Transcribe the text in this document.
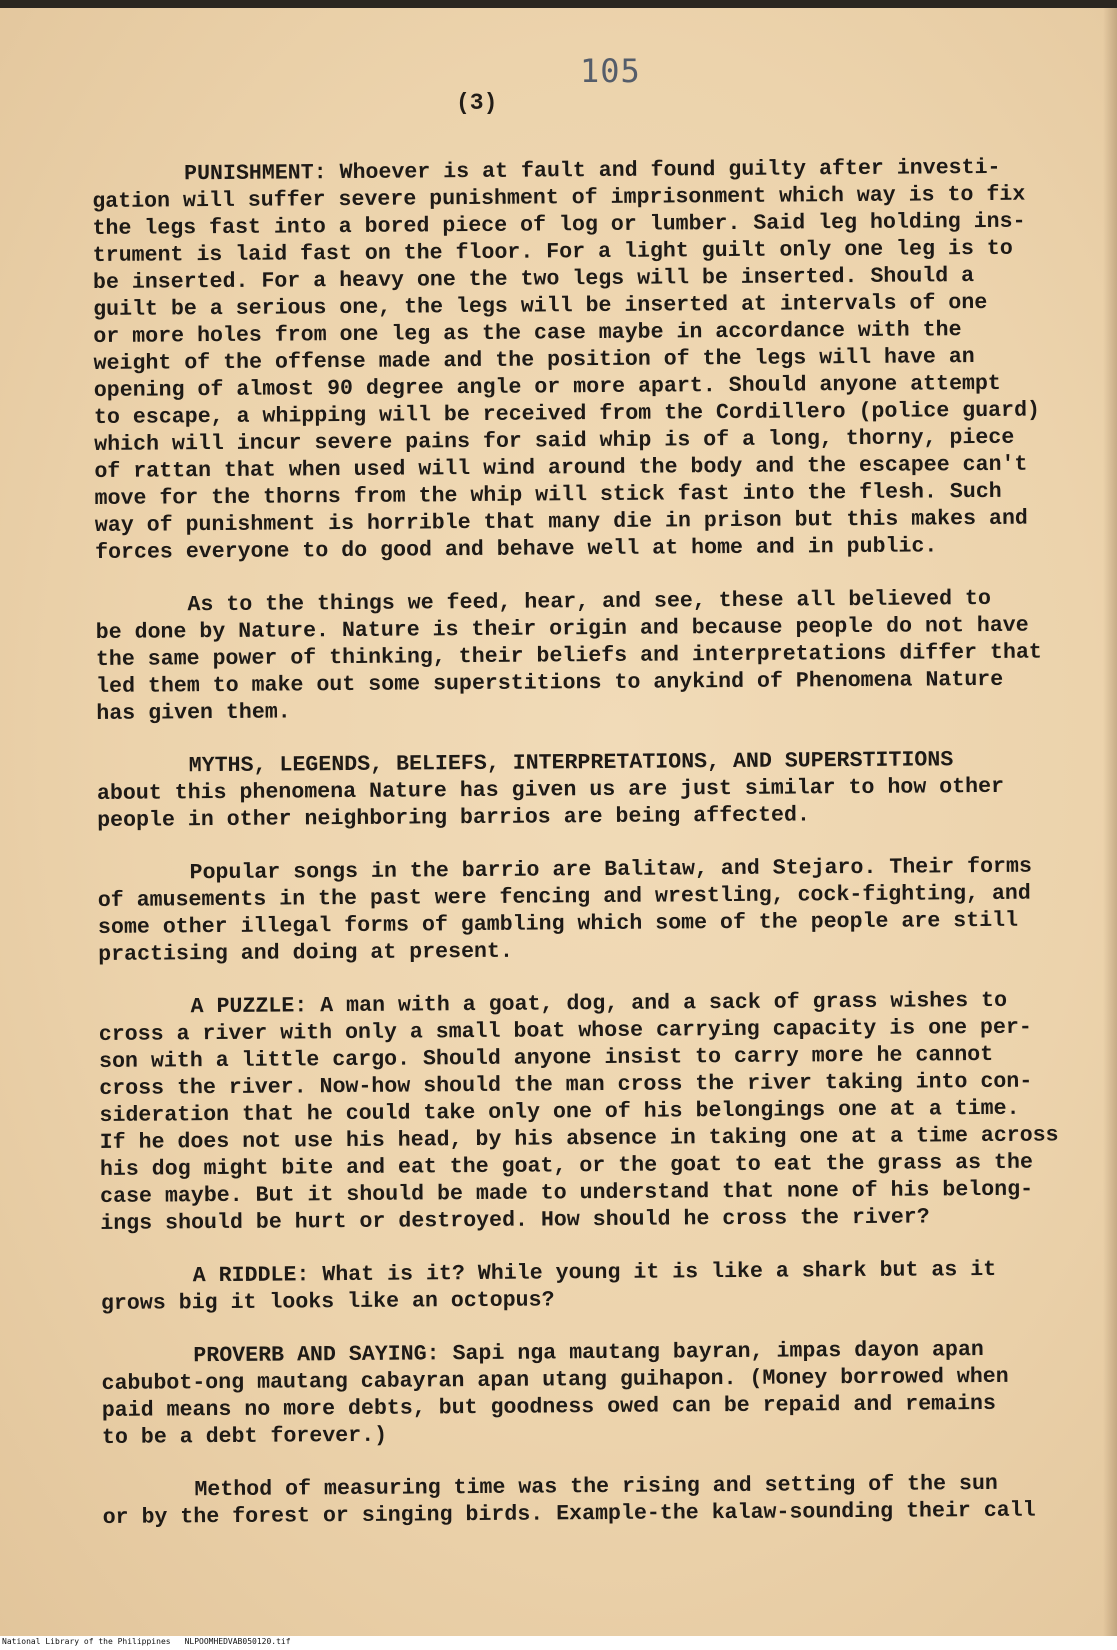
105
(3)
PUNISHMENT: Whoever is at fault and found guilty after investi-
gation will suffer severe punishment of imprisonment which way is to fix
the legs fast into a bored piece of log or lumber. Said leg holding ins-
trument is laid fast on the floor. For a light guilt only one leg is to
be inserted. For a heavy one the two legs will be inserted. Should a
guilt be a serious one, the legs will be inserted at intervals of one
or more holes from one leg as the case maybe in accordance with the
weight of the offense made and the position of the legs will have an
opening of almost 90 degree angle or more apart. Should anyone attempt
to escape, a whipping will be received from the Cordillero (police guard)
which will incur severe pains for said whip is of a long, thorny, piece
of rattan that when used will wind around the body and the escapee can't
move for the thorns from the whip will stick fast into the flesh. Such
way of punishment is horrible that many die in prison but this makes and
forces everyone to do good and behave well at home and in public.
As to the things we feed, hear, and see, these all believed to
be done by Nature. Nature is their origin and because people do not have
the same power of thinking, their beliefs and interpretations differ that
led them to make out some superstitions to anykind of Phenomena Nature
has given them.
MYTHS, LEGENDS, BELIEFS, INTERPRETATIONS, AND SUPERSTITIONS
about this phenomena Nature has given us are just similar to how other
people in other neighboring barrios are being affected.
Popular songs in the barrio are Balitaw, and Stejaro. Their forms
of amusements in the past were fencing and wrestling, cock-fighting, and
some other illegal forms of gambling which some of the people are still
practising and doing at present.
A PUZZLE: A man with a goat, dog, and a sack of grass wishes to
cross a river with only a small boat whose carrying capacity is one per-
son with a little cargo. Should anyone insist to carry more he cannot
cross the river. Now-how should the man cross the river taking into con-
sideration that he could take only one of his belongings one at a time.
If he does not use his head, by his absence in taking one at a time across
his dog might bite and eat the goat, or the goat to eat the grass as the
case maybe. But it should be made to understand that none of his belong-
ings should be hurt or destroyed. How should he cross the river?
A RIDDLE: What is it? While young it is like a shark but as it
grows big it looks like an octopus?
PROVERB AND SAYING: Sapi nga mautang bayran, impas dayon apan
cabubot-ong mautang cabayran apan utang guihapon. (Money borrowed when
paid means no more debts, but goodness owed can be repaid and remains
to be a debt forever.)
Method of measuring time was the rising and setting of the sun
or by the forest or singing birds. Example-the kalaw-sounding their call
National Library of the Philippines NLPOOMHEDVAB050120.tif
